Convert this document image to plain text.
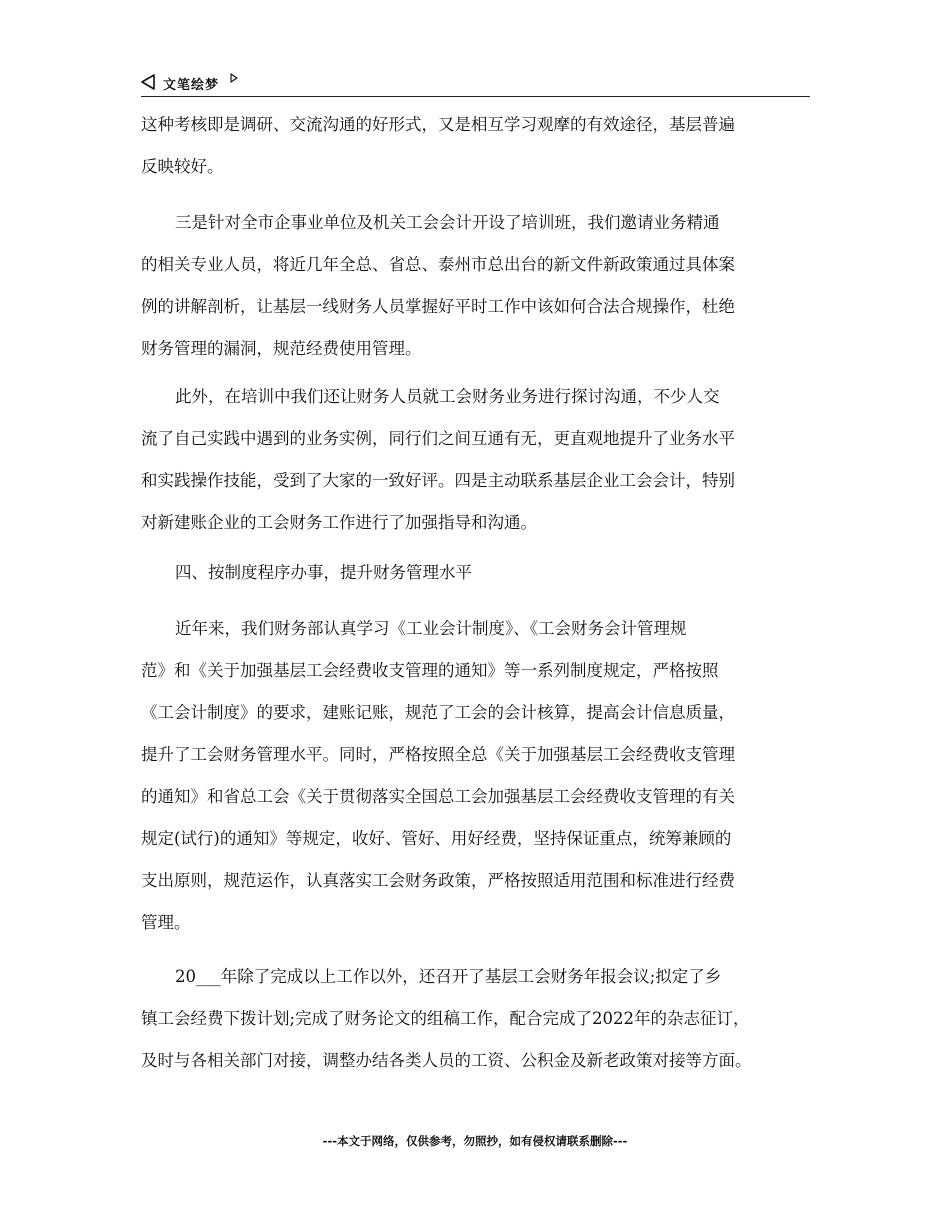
文笔绘梦
这种考核即是调研、交流沟通的好形式，又是相互学习观摩的有效途径，基层普遍
反映较好。
三是针对全市企事业单位及机关工会会计开设了培训班，我们邀请业务精通
的相关专业人员，将近几年全总、省总、泰州市总出台的新文件新政策通过具体案
例的讲解剖析，让基层一线财务人员掌握好平时工作中该如何合法合规操作，杜绝
财务管理的漏洞，规范经费使用管理。
此外，在培训中我们还让财务人员就工会财务业务进行探讨沟通，不少人交
流了自己实践中遇到的业务实例，同行们之间互通有无，更直观地提升了业务水平
和实践操作技能，受到了大家的一致好评。四是主动联系基层企业工会会计，特别
对新建账企业的工会财务工作进行了加强指导和沟通。
四、按制度程序办事，提升财务管理水平
近年来，我们财务部认真学习《工业会计制度》、《工会财务会计管理规
范》和《关于加强基层工会经费收支管理的通知》等一系列制度规定，严格按照
《工会计制度》的要求，建账记账，规范了工会的会计核算，提高会计信息质量，
提升了工会财务管理水平。同时，严格按照全总《关于加强基层工会经费收支管理
的通知》和省总工会《关于贯彻落实全国总工会加强基层工会经费收支管理的有关
规定(试行)的通知》等规定，收好、管好、用好经费，坚持保证重点，统筹兼顾的
支出原则，规范运作，认真落实工会财务政策，严格按照适用范围和标准进行经费
管理。
20___年除了完成以上工作以外，还召开了基层工会财务年报会议;拟定了乡
镇工会经费下拨计划;完成了财务论文的组稿工作，配合完成了2022年的杂志征订，
及时与各相关部门对接，调整办结各类人员的工资、公积金及新老政策对接等方面。
---本文于网络，仅供参考，勿照抄，如有侵权请联系删除---
